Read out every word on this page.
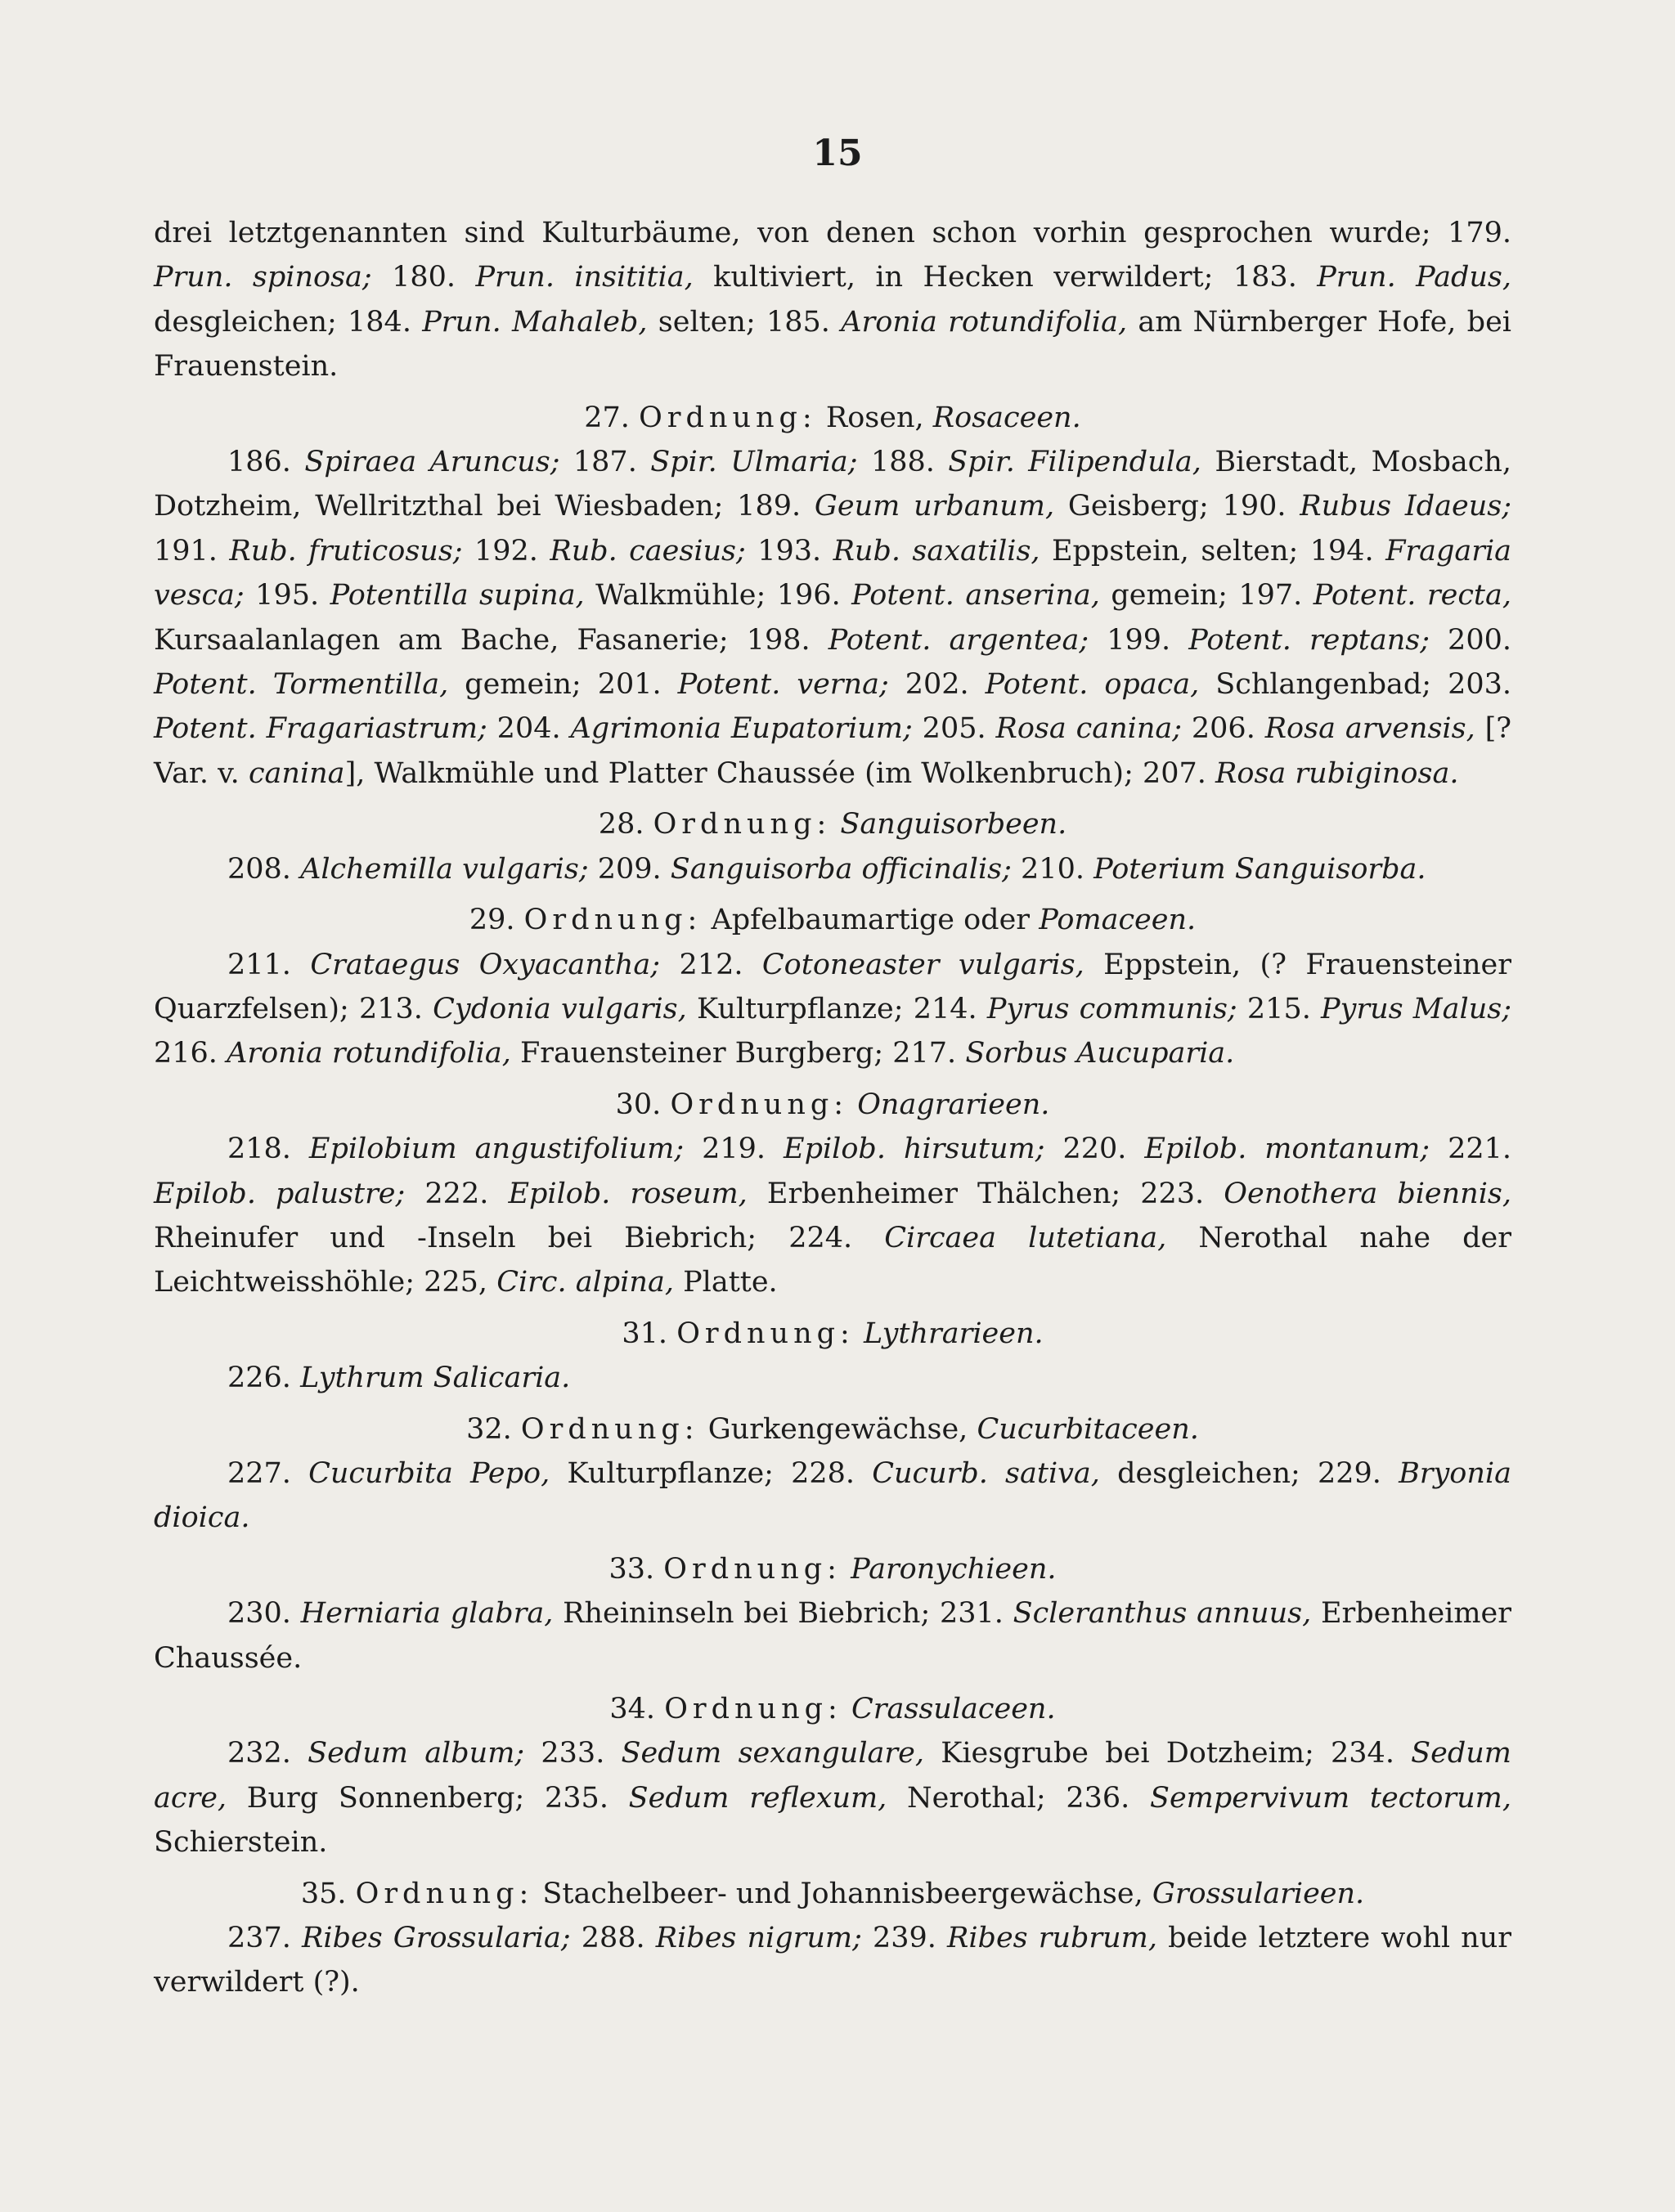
15

drei letztgenannten sind Kulturbäume, von denen schon vorhin gesprochen wurde; 179. Prun. spinosa; 180. Prun. insititia, kultiviert, in Hecken verwildert; 183. Prun. Padus, desgleichen; 184. Prun. Mahaleb, selten; 185. Aronia rotundifolia, am Nürnberger Hofe, bei Frauenstein.

27. Ordnung: Rosen, Rosaceen.

186. Spiraea Aruncus; 187. Spir. Ulmaria; 188. Spir. Filipendula, Bierstadt, Mosbach, Dotzheim, Wellritzthal bei Wiesbaden; 189. Geum urbanum, Geisberg; 190. Rubus Idaeus; 191. Rub. fruticosus; 192. Rub. caesius; 193. Rub. saxatilis, Eppstein, selten; 194. Fragaria vesca; 195. Potentilla supina, Walkmühle; 196. Potent. anserina, gemein; 197. Potent. recta, Kursaalanlagen am Bache, Fasanerie; 198. Potent. argentea; 199. Potent. reptans; 200. Potent. Tormentilla, gemein; 201. Potent. verna; 202. Potent. opaca, Schlangenbad; 203. Potent. Fragariastrum; 204. Agrimonia Eupatorium; 205. Rosa canina; 206. Rosa arvensis, [? Var. v. canina], Walkmühle und Platter Chaussée (im Wolkenbruch); 207. Rosa rubiginosa.

28. Ordnung: Sanguisorbeen.

208. Alchemilla vulgaris; 209. Sanguisorba officinalis; 210. Poterium Sanguisorba.

29. Ordnung: Apfelbaumartige oder Pomaceen.

211. Crataegus Oxyacantha; 212. Cotoneaster vulgaris, Eppstein, (? Frauensteiner Quarzfelsen); 213. Cydonia vulgaris, Kulturpflanze; 214. Pyrus communis; 215. Pyrus Malus; 216. Aronia rotundifolia, Frauensteiner Burgberg; 217. Sorbus Aucuparia.

30. Ordnung: Onagrarieen.

218. Epilobium angustifolium; 219. Epilob. hirsutum; 220. Epilob. montanum; 221. Epilob. palustre; 222. Epilob. roseum, Erbenheimer Thälchen; 223. Oenothera biennis, Rheinufer und -Inseln bei Biebrich; 224. Circaea lutetiana, Nerothal nahe der Leichtweisshöhle; 225, Circ. alpina, Platte.

31. Ordnung: Lythrarieen.

226. Lythrum Salicaria.

32. Ordnung: Gurkengewächse, Cucurbitaceen.

227. Cucurbita Pepo, Kulturpflanze; 228. Cucurb. sativa, desgleichen; 229. Bryonia dioica.

33. Ordnung: Paronychieen.

230. Herniaria glabra, Rheininseln bei Biebrich; 231. Scleranthus annuus, Erbenheimer Chaussée.

34. Ordnung: Crassulaceen.

232. Sedum album; 233. Sedum sexangulare, Kiesgrube bei Dotzheim; 234. Sedum acre, Burg Sonnenberg; 235. Sedum reflexum, Nerothal; 236. Sempervivum tectorum, Schierstein.

35. Ordnung: Stachelbeer- und Johannisbeergewächse, Grossularieen.

237. Ribes Grossularia; 288. Ribes nigrum; 239. Ribes rubrum, beide letztere wohl nur verwildert (?).
